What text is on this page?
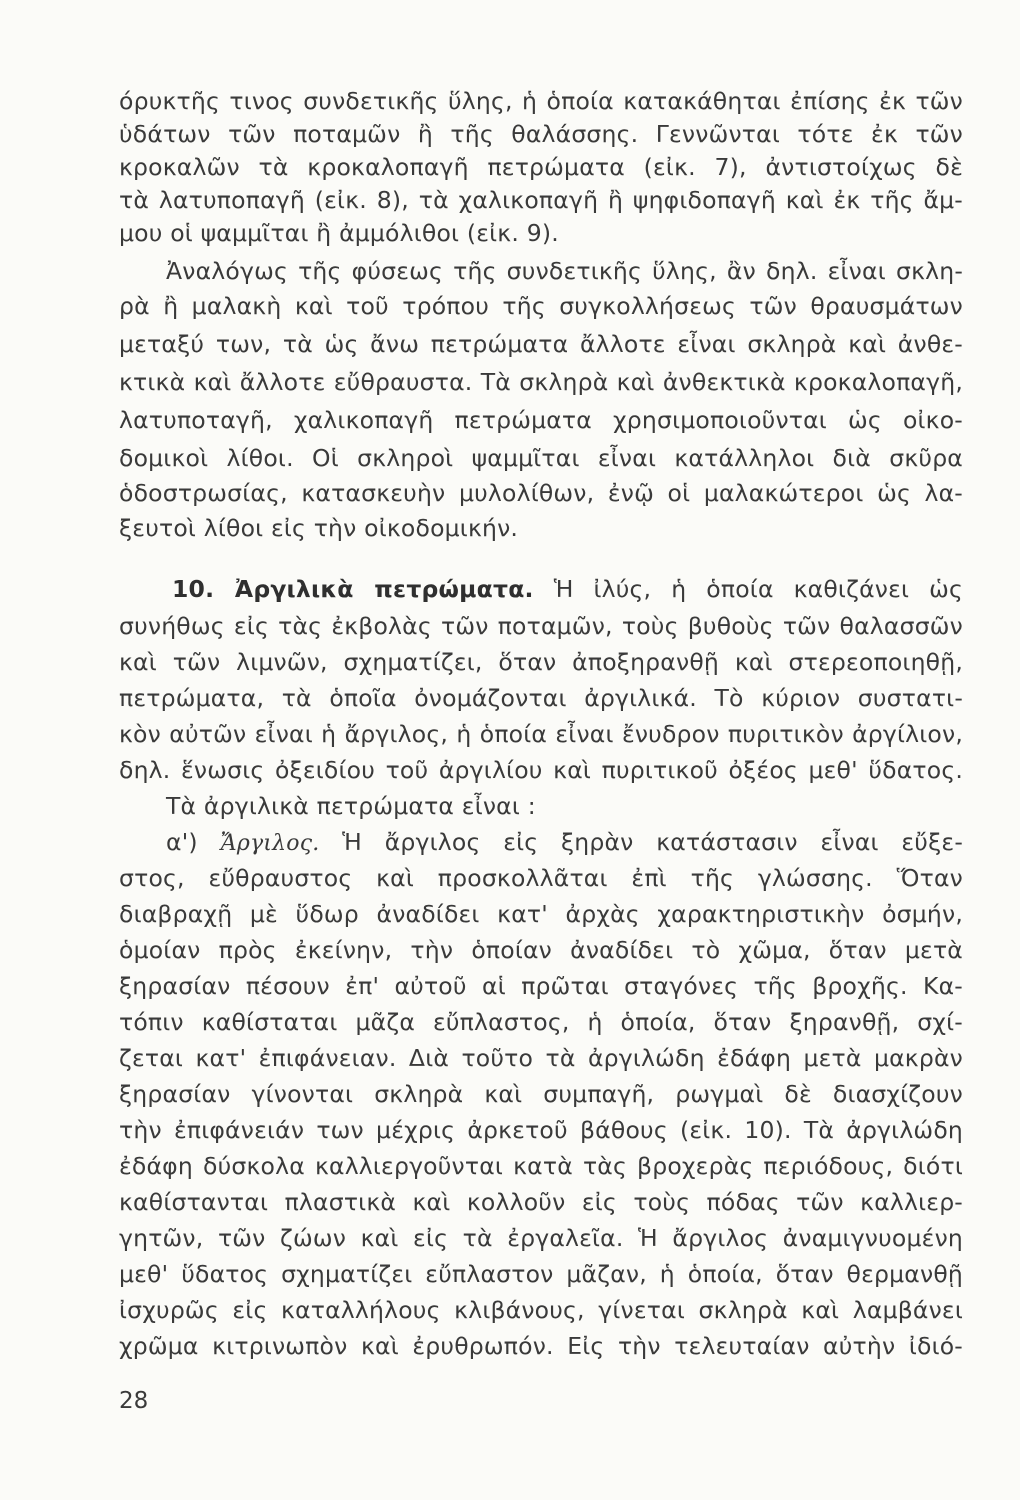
όρυκτῆς τινος συνδετικῆς ὕλης, ἡ ὁποία κατακάθηται ἐπίσης ἐκ τῶν

ὑδάτων τῶν ποταμῶν ἢ τῆς θαλάσσης. Γεννῶνται τότε ἐκ τῶν

κροκαλῶν τὰ κροκαλοπαγῆ πετρώματα (εἰκ. 7), ἀντιστοίχως δὲ

τὰ λατυποπαγῆ (εἰκ. 8), τὰ χαλικοπαγῆ ἢ ψηφιδοπαγῆ καὶ ἐκ τῆς ἄμ-

μου οἱ ψαμμῖται ἢ ἀμμόλιθοι (εἰκ. 9).

Ἀναλόγως τῆς φύσεως τῆς συνδετικῆς ὕλης, ἂν δηλ. εἶναι σκλη-

ρὰ ἢ μαλακὴ καὶ τοῦ τρόπου τῆς συγκολλήσεως τῶν θραυσμάτων

μεταξύ των, τὰ ὡς ἄνω πετρώματα ἄλλοτε εἶναι σκληρὰ καὶ ἀνθε-

κτικὰ καὶ ἄλλοτε εὔθραυστα. Τὰ σκληρὰ καὶ ἀνθεκτικὰ κροκαλοπαγῆ,

λατυποταγῆ, χαλικοπαγῆ πετρώματα χρησιμοποιοῦνται ὡς οἰκο-

δομικοὶ λίθοι. Οἱ σκληροὶ ψαμμῖται εἶναι κατάλληλοι διὰ σκῦρα

ὁδοστρωσίας, κατασκευὴν μυλολίθων, ἐνῷ οἱ μαλακώτεροι ὡς λα-

ξευτοὶ λίθοι εἰς τὴν οἰκοδομικήν.

10. Ἀργιλικὰ πετρώματα. Ἡ ἰλύς, ἡ ὁποία καθιζάνει ὡς

συνήθως εἰς τὰς ἐκβολὰς τῶν ποταμῶν, τοὺς βυθοὺς τῶν θαλασσῶν

καὶ τῶν λιμνῶν, σχηματίζει, ὅταν ἀποξηρανθῇ καὶ στερεοποιηθῇ,

πετρώματα, τὰ ὁποῖα ὀνομάζονται ἀργιλικά. Τὸ κύριον συστατι-

κὸν αὐτῶν εἶναι ἡ ἄργιλος, ἡ ὁποία εἶναι ἔνυδρον πυριτικὸν ἀργίλιον,

δηλ. ἕνωσις ὀξειδίου τοῦ ἀργιλίου καὶ πυριτικοῦ ὀξέος μεθ' ὕδατος.

Τὰ ἀργιλικὰ πετρώματα εἶναι :

α') Ἄργιλος. Ἡ ἄργιλος εἰς ξηρὰν κατάστασιν εἶναι εὔξε-

στος, εὔθραυστος καὶ προσκολλᾶται ἐπὶ τῆς γλώσσης. Ὅταν

διαβραχῇ μὲ ὕδωρ ἀναδίδει κατ' ἀρχὰς χαρακτηριστικὴν ὀσμήν,

ὁμοίαν πρὸς ἐκείνην, τὴν ὁποίαν ἀναδίδει τὸ χῶμα, ὅταν μετὰ

ξηρασίαν πέσουν ἐπ' αὐτοῦ αἱ πρῶται σταγόνες τῆς βροχῆς. Κα-

τόπιν καθίσταται μᾶζα εὔπλαστος, ἡ ὁποία, ὅταν ξηρανθῇ, σχί-

ζεται κατ' ἐπιφάνειαν. Διὰ τοῦτο τὰ ἀργιλώδη ἐδάφη μετὰ μακρὰν

ξηρασίαν γίνονται σκληρὰ καὶ συμπαγῆ, ρωγμαὶ δὲ διασχίζουν

τὴν ἐπιφάνειάν των μέχρις ἀρκετοῦ βάθους (εἰκ. 10). Τὰ ἀργιλώδη

ἐδάφη δύσκολα καλλιεργοῦνται κατὰ τὰς βροχερὰς περιόδους, διότι

καθίστανται πλαστικὰ καὶ κολλοῦν εἰς τοὺς πόδας τῶν καλλιερ-

γητῶν, τῶν ζώων καὶ εἰς τὰ ἐργαλεῖα. Ἡ ἄργιλος ἀναμιγνυομένη

μεθ' ὕδατος σχηματίζει εὔπλαστον μᾶζαν, ἡ ὁποία, ὅταν θερμανθῇ

ἰσχυρῶς εἰς καταλλήλους κλιβάνους, γίνεται σκληρὰ καὶ λαμβάνει

χρῶμα κιτρινωπὸν καὶ ἐρυθρωπόν. Εἰς τὴν τελευταίαν αὐτὴν ἰδιό-

28
